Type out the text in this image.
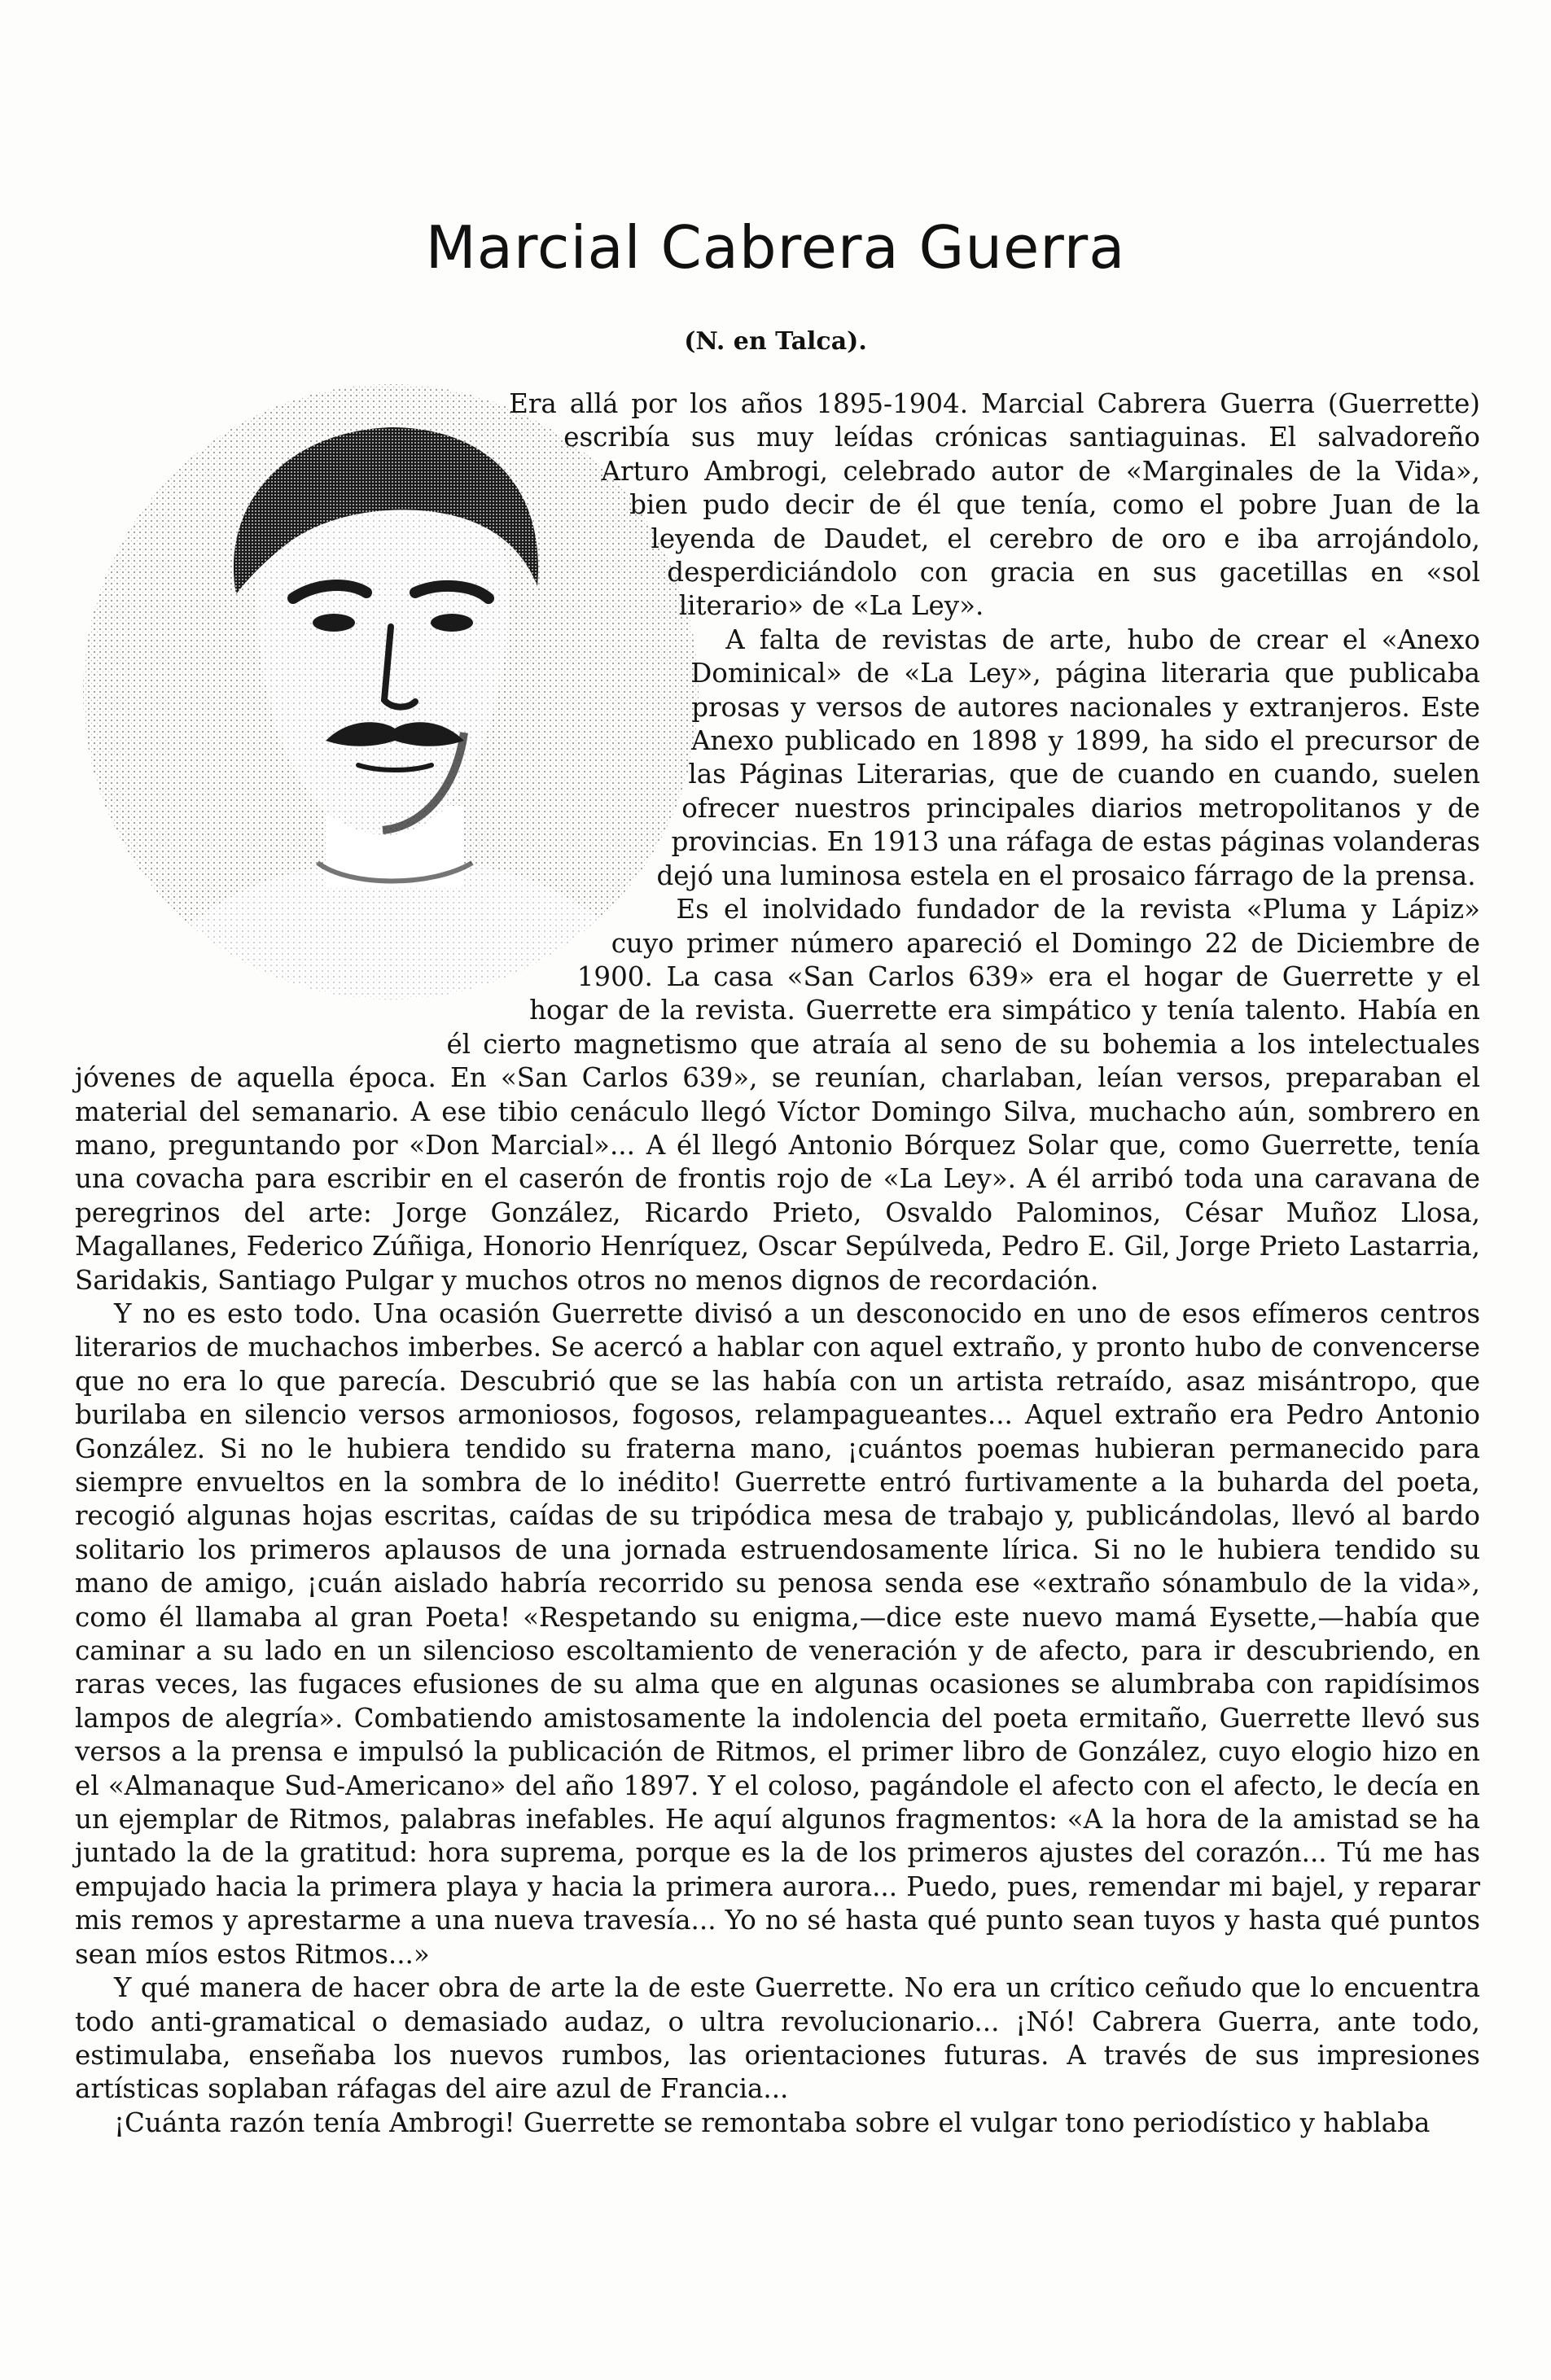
Marcial Cabrera Guerra
(N. en Talca).

Era allá por los años 1895-1904. Marcial Cabrera Guerra (Guerrette) escribía sus muy leídas crónicas santiaguinas. El salvadoreño Arturo Ambrogi, celebrado autor de «Marginales de la Vida», bien pudo decir de él que tenía, como el pobre Juan de la leyenda de Daudet, el cerebro de oro e iba arrojándolo, desperdiciándolo con gracia en sus gacetillas en «sol literario» de «La Ley».

A falta de revistas de arte, hubo de crear el «Anexo Dominical» de «La Ley», página literaria que publicaba prosas y versos de autores nacionales y extranjeros. Este Anexo publicado en 1898 y 1899, ha sido el precursor de las Páginas Literarias, que de cuando en cuando, suelen ofrecer nuestros principales diarios metropolitanos y de provincias. En 1913 una ráfaga de estas páginas volanderas dejó una luminosa estela en el prosaico fárrago de la prensa.

Es el inolvidado fundador de la revista «Pluma y Lápiz» cuyo primer número apareció el Domingo 22 de Diciembre de 1900. La casa «San Carlos 639» era el hogar de Guerrette y el hogar de la revista. Guerrette era simpático y tenía talento. Había en él cierto magnetismo que atraía al seno de su bohemia a los intelectuales jóvenes de aquella época. En «San Carlos 639», se reunían, charlaban, leían versos, preparaban el material del semanario. A ese tibio cenáculo llegó Víctor Domingo Silva, muchacho aún, sombrero en mano, preguntando por «Don Marcial»... A él llegó Antonio Bórquez Solar que, como Guerrette, tenía una covacha para escribir en el caserón de frontis rojo de «La Ley». A él arribó toda una caravana de peregrinos del arte: Jorge González, Ricardo Prieto, Osvaldo Palominos, César Muñoz Llosa, Magallanes, Federico Zúñiga, Honorio Henríquez, Oscar Sepúlveda, Pedro E. Gil, Jorge Prieto Lastarria, Saridakis, Santiago Pulgar y muchos otros no menos dignos de recordación.

Y no es esto todo. Una ocasión Guerrette divisó a un desconocido en uno de esos efímeros centros literarios de muchachos imberbes. Se acercó a hablar con aquel extraño, y pronto hubo de convencerse que no era lo que parecía. Descubrió que se las había con un artista retraído, asaz misántropo, que burilaba en silencio versos armoniosos, fogosos, relampagueantes... Aquel extraño era Pedro Antonio González. Si no le hubiera tendido su fraterna mano, ¡cuántos poemas hubieran permanecido para siempre envueltos en la sombra de lo inédito! Guerrette entró furtivamente a la buharda del poeta, recogió algunas hojas escritas, caídas de su tripódica mesa de trabajo y, publicándolas, llevó al bardo solitario los primeros aplausos de una jornada estruendosamente lírica. Si no le hubiera tendido su mano de amigo, ¡cuán aislado habría recorrido su penosa senda ese «extraño sónambulo de la vida», como él llamaba al gran Poeta! «Respetando su enigma,—dice este nuevo mamá Eysette,—había que caminar a su lado en un silencioso escoltamiento de veneración y de afecto, para ir descubriendo, en raras veces, las fugaces efusiones de su alma que en algunas ocasiones se alumbraba con rapidísimos lampos de alegría». Combatiendo amistosamente la indolencia del poeta ermitaño, Guerrette llevó sus versos a la prensa e impulsó la publicación de Ritmos, el primer libro de González, cuyo elogio hizo en el «Almanaque Sud-Americano» del año 1897. Y el coloso, pagándole el afecto con el afecto, le decía en un ejemplar de Ritmos, palabras inefables. He aquí algunos fragmentos: «A la hora de la amistad se ha juntado la de la gratitud: hora suprema, porque es la de los primeros ajustes del corazón... Tú me has empujado hacia la primera playa y hacia la primera aurora... Puedo, pues, remendar mi bajel, y reparar mis remos y aprestarme a una nueva travesía... Yo no sé hasta qué punto sean tuyos y hasta qué puntos sean míos estos Ritmos...»

Y qué manera de hacer obra de arte la de este Guerrette. No era un crítico ceñudo que lo encuentra todo anti-gramatical o demasiado audaz, o ultra revolucionario... ¡Nó! Cabrera Guerra, ante todo, estimulaba, enseñaba los nuevos rumbos, las orientaciones futuras. A través de sus impresiones artísticas soplaban ráfagas del aire azul de Francia...

¡Cuánta razón tenía Ambrogi! Guerrette se remontaba sobre el vulgar tono periodístico y hablaba
